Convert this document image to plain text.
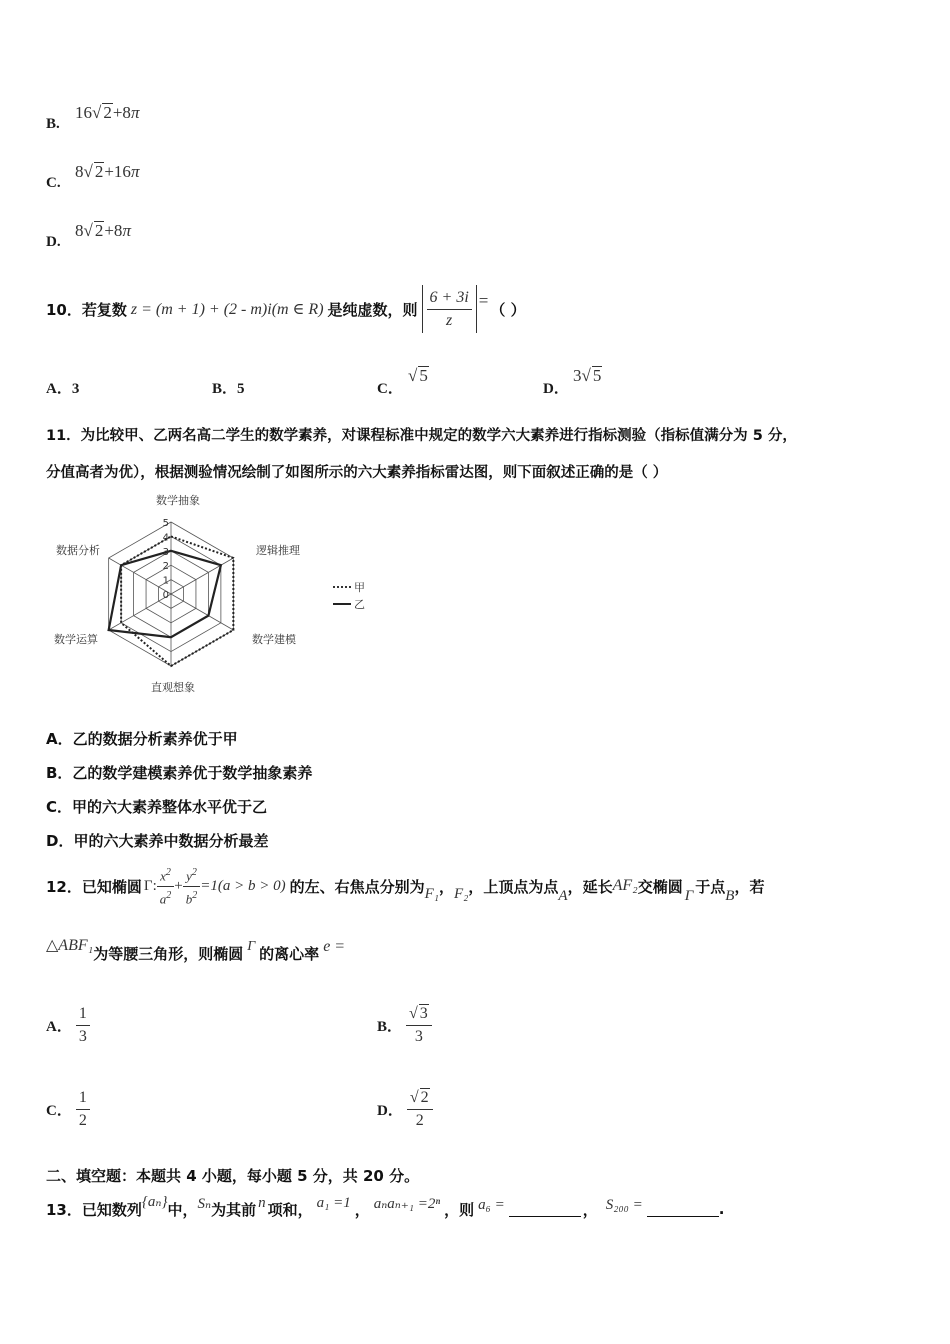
B.
16√ 2+8π
C.
8√ 2+16π
D.
8√ 2+8π
10． 若复数 z = (m + 1) + (2 - m)i(m ∈ R) 是纯虚数，则 $\frac{6 + 3i}{z}$ = （ ）
A．3	B．5	C．
√ 5
D．
3√ 5
11．为比较甲、乙两名高二学生的数学素养，对课程标准中规定的数学六大素养进行指标测验（指标值满分为 5 分，
分值高者为优），根据测验情况绘制了如图所示的六大素养指标雷达图，则下面叙述正确的是（ ）
0
1
2
3
4
5
数学抽象
逻辑推理
数学建模
直观想象
数学运算
数据分析
甲
乙
A．乙的数据分析素养优于甲
B．乙的数学建模素养优于数学抽象素养
C．甲的六大素养整体水平优于乙
D．甲的六大素养中数据分析最差
12． 已知椭圆 Γ: $\frac{x^2}{a^2} + \frac{y^2}{b^2} =1(a > b > 0)$ 的左、右焦点分别为 F₁ ， F₂ ，上顶点为点 A ，延长 AF₂ 交椭圆 Γ 于点 B ，若
△ABF₁ 为等腰三角形，则椭圆 Γ 的离心率 e =
A． $\frac{1}{3}$	B． $\frac{√ 3}{3}$
C． $\frac{1}{2}$	D． $\frac{√ 2}{2}$
二、填空题：本题共 4 小题，每小题 5 分，共 20 分。
13． 已知数列 {aₙ} 中， Sₙ 为其前 n 项和， a₁ =1 ， aₙaₙ₊₁ =2ⁿ ，则 a₆ =	， S₂₀₀ =	.
